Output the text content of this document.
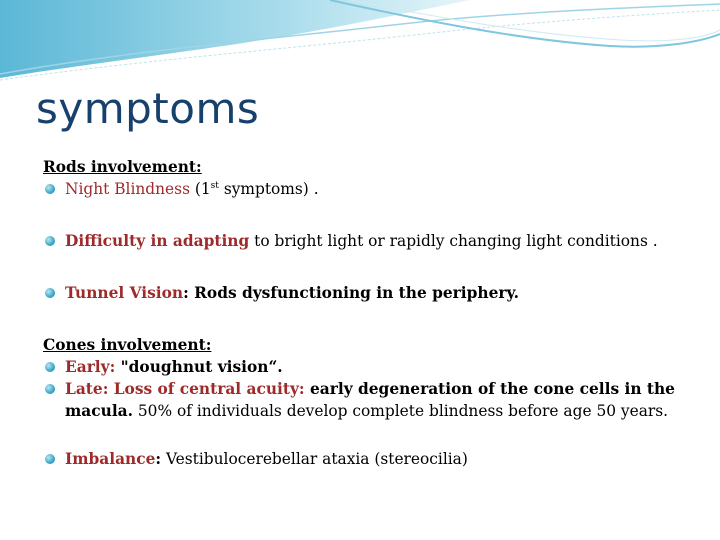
symptoms
Rods involvement:
Night Blindness (1st symptoms) .
Difficulty in adapting to bright light or rapidly changing light conditions .
Tunnel Vision: Rods dysfunctioning in the periphery.
Cones involvement:
Early: "doughnut vision“.
Late: Loss of central acuity: early degeneration of the cone cells in the macula. 50% of individuals develop complete blindness before age 50 years.
Imbalance: Vestibulocerebellar ataxia (stereocilia)
